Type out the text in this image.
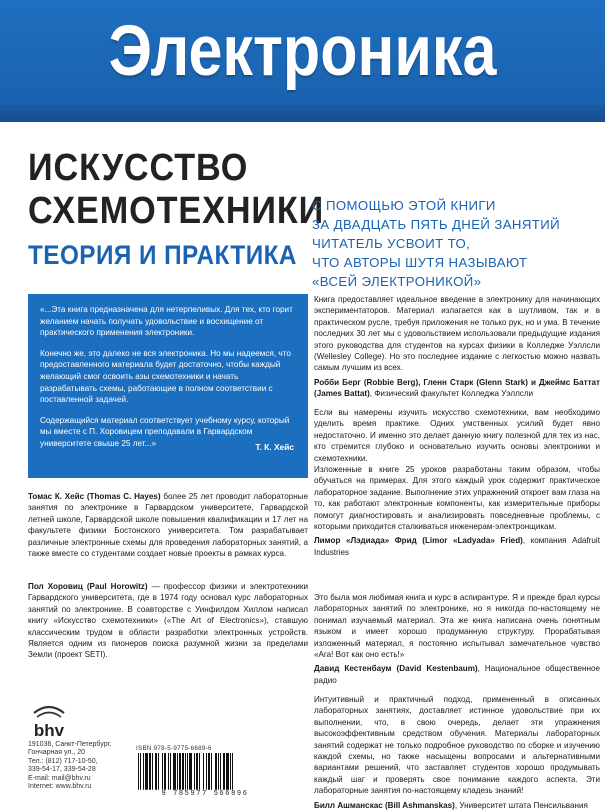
Электроника
ИСКУССТВО
СХЕМОТЕХНИКИ
ТЕОРИЯ И ПРАКТИКА
С ПОМОЩЬЮ ЭТОЙ КНИГИ
ЗА ДВАДЦАТЬ ПЯТЬ ДНЕЙ ЗАНЯТИЙ
ЧИТАТЕЛЬ УСВОИТ ТО,
ЧТО АВТОРЫ ШУТЯ НАЗЫВАЮТ
«ВСЕЙ ЭЛЕКТРОНИКОЙ»

«...Эта книга предназначена для нетерпеливых. Для тех, кто горит желанием начать получать удовольствие и восхищение от практического применения электроники.

Конечно же, это далеко не вся электроника. Но мы надеемся, что предоставленного материала будет достаточно, чтобы каждый желающий смог освоить азы схемотехники и начать разрабатывать схемы, работающие в полном соответствии с поставленной задачей.

Содержащийся материал соответствует учебному курсу, который мы вместе с П. Хоровицем преподавали в Гарвардском университете свыше 25 лет...»	Т. К. Хейс

Томас К. Хейс (Thomas C. Hayes) более 25 лет проводит лабораторные занятия по электронике в Гарвардском университете, Гарвардской летней школе, Гарвардской школе повышения квалификации и 17 лет на факультете физики Бостонского университета. Том разрабатывает различные электронные схемы для проведения лабораторных занятий, а также вместе со студентами создает новые проекты в рамках курса.

Пол Хоровиц (Paul Horowitz) — профессор физики и электротехники Гарвардского университета, где в 1974 году основал курс лабораторных занятий по электронике. В соавторстве с Уинфилдом Хиллом написал книгу «Искусство схемотехники» («The Art of Electronics»), ставшую классическим трудом в области разработки электронных устройств. Является одним из пионеров поиска разумной жизни за пределами Земли (проект SETI).

Книга предоставляет идеальное введение в электронику для начинающих экспериментаторов. Материал излагается как в шутливом, так и в практическом русле, требуя приложения не только рук, но и ума. В течение последних 30 лет мы с удовольствием использовали предыдущие издания этого руководства для студентов на курсах физики в Колледже Уэллсли (Wellesley College). Но это последнее издание с легкостью можно назвать самым лучшим из всех.

Робби Берг (Robbie Berg), Гленн Старк (Glenn Stark) и Джеймс Баттат (James Battat), Физический факультет Колледжа Уэллсли

Если вы намерены изучить искусство схемотехники, вам необходимо уделить время практике. Одних умственных усилий будет явно недостаточно. И именно это делает данную книгу полезной для тех из нас, кто стремится глубоко и основательно изучить основы электроники и схемотехники.
Изложенные в книге 25 уроков разработаны таким образом, чтобы обучаться на примерах. Для этого каждый урок содержит практическое лабораторное задание. Выполнение этих упражнений откроет вам глаза на то, как работают электронные компоненты, как измерительные приборы помогут диагностировать и анализировать повседневные проблемы, с которыми приходится сталкиваться инженерам-электронщикам.

Лимор «Лэдиада» Фрид (Limor «Ladyada» Fried), компания Adafruit Industries

Это была моя любимая книга и курс в аспирантуре. Я и прежде брал курсы лабораторных занятий по электронике, но я никогда по-настоящему не понимал изучаемый материал. Эта же книга написана очень понятным языком и имеет хорошо продуманную структуру. Прорабатывая изложенный материал, я постоянно испытывал замечательное чувство «Ага! Вот как оно есть!»

Давид Кестенбаум (David Kestenbaum), Национальное общественное радио

Интуитивный и практичный подход, примененный в описанных лабораторных занятиях, доставляет истинное удовольствие при их выполнении, что, в свою очередь, делает эти упражнения высокоэффективным средством обучения. Материалы лабораторных занятий содержат не только подробное руководство по сборке и изучению каждой схемы, но также насыщены вопросами и альтернативными вариантами решений, что заставляет студентов хорошо продумывать каждый шаг и проверять свое понимание каждого аспекта. Эти лабораторные занятия по-настоящему кладезь знаний!

Билл Ашманскас (Bill Ashmanskas), Университет штата Пенсильвания

bhv
191036, Санкт-Петербург,
Гончарная ул., 20
Тел.: (812) 717-10-50,
339-54-17, 339-54-28
E-mail: mail@bhv.ru
Internet: www.bhv.ru
ISBN 978-5-9775-6689-6
9 785977 566896
